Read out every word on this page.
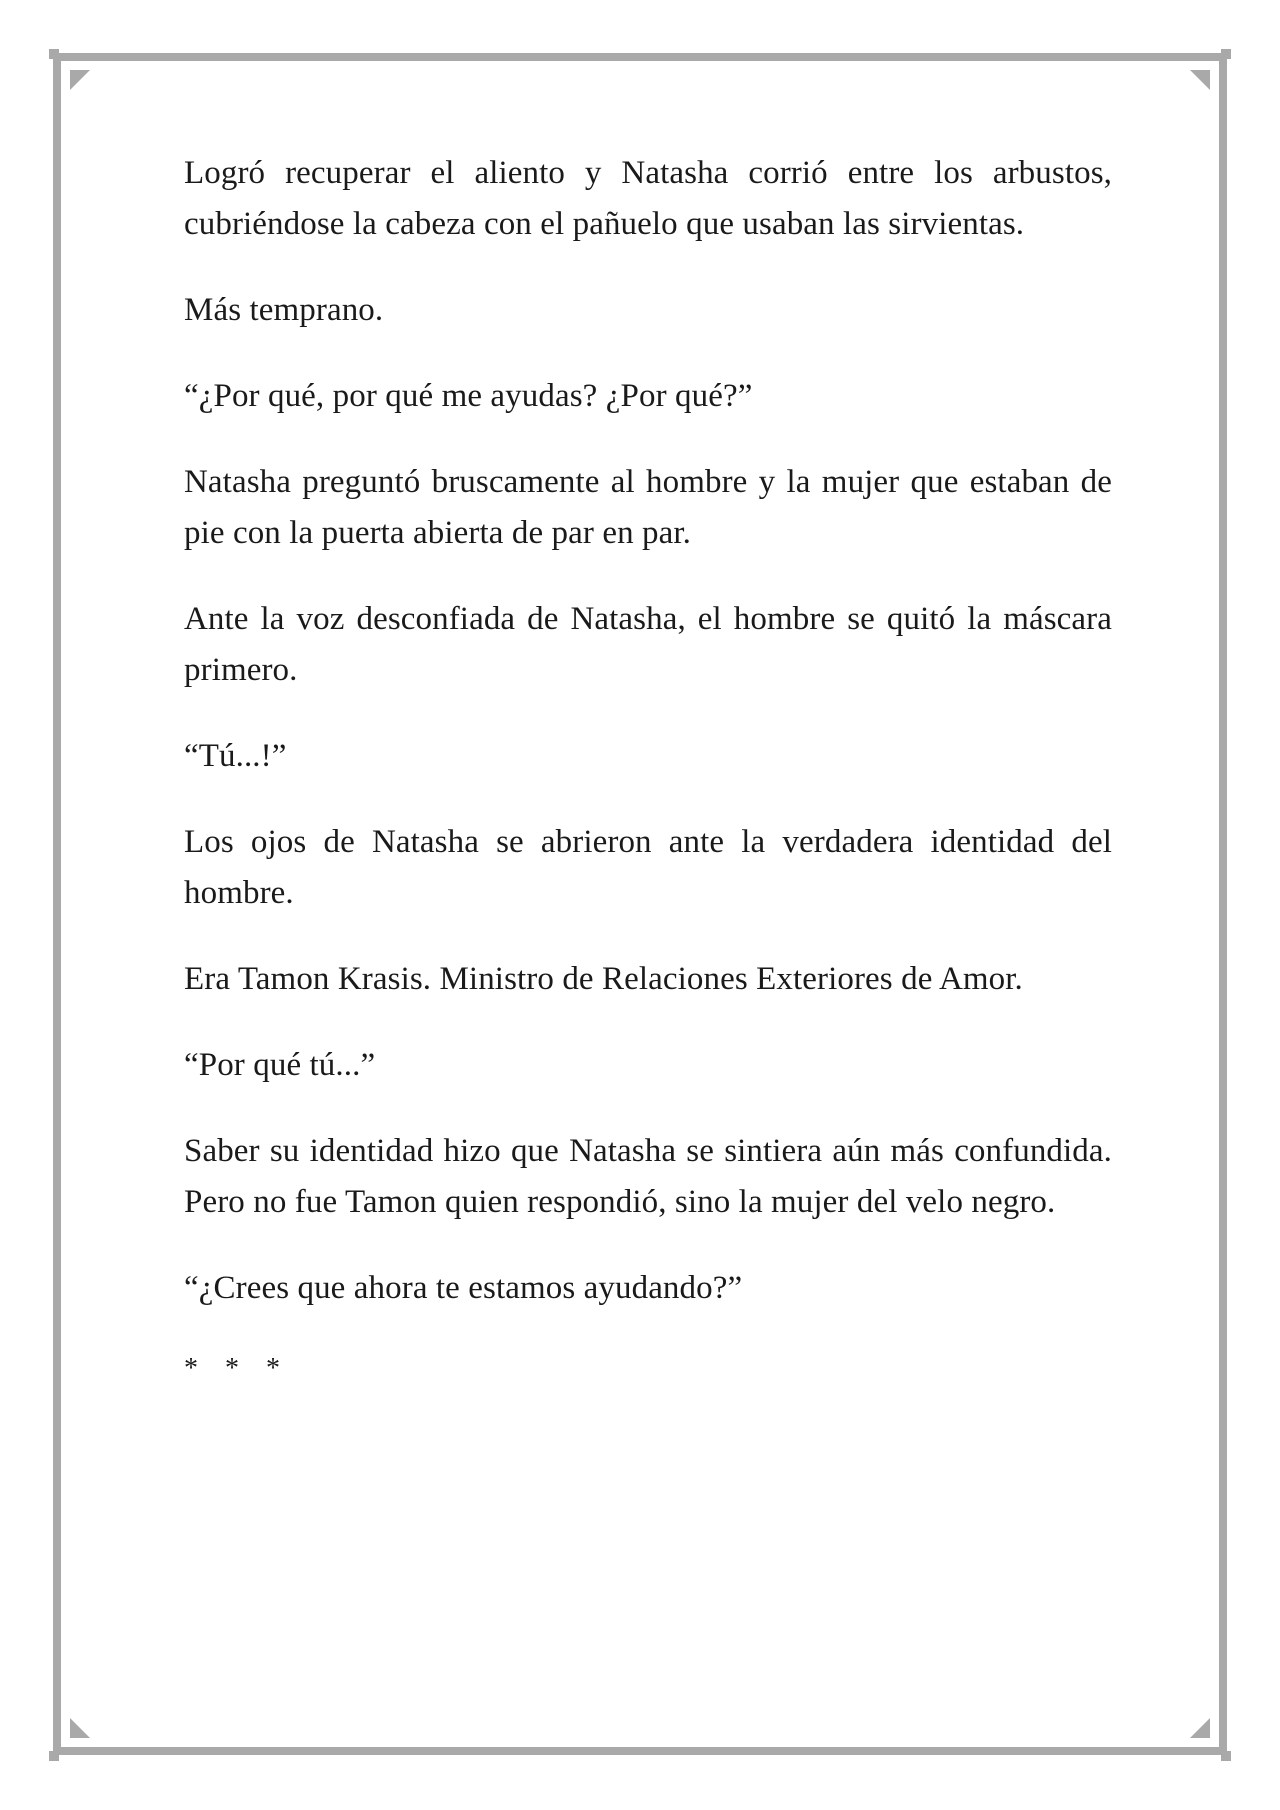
Logró recuperar el aliento y Natasha corrió entre los arbustos, cubriéndose la cabeza con el pañuelo que usaban las sirvientas.

Más temprano.

“¿Por qué, por qué me ayudas? ¿Por qué?”

Natasha preguntó bruscamente al hombre y la mujer que estaban de pie con la puerta abierta de par en par.

Ante la voz desconfiada de Natasha, el hombre se quitó la máscara primero.

“Tú...!”

Los ojos de Natasha se abrieron ante la verdadera identidad del hombre.

Era Tamon Krasis. Ministro de Relaciones Exteriores de Amor.

“Por qué tú...”

Saber su identidad hizo que Natasha se sintiera aún más confundida. Pero no fue Tamon quien respondió, sino la mujer del velo negro.

“¿Crees que ahora te estamos ayudando?”

* * *
